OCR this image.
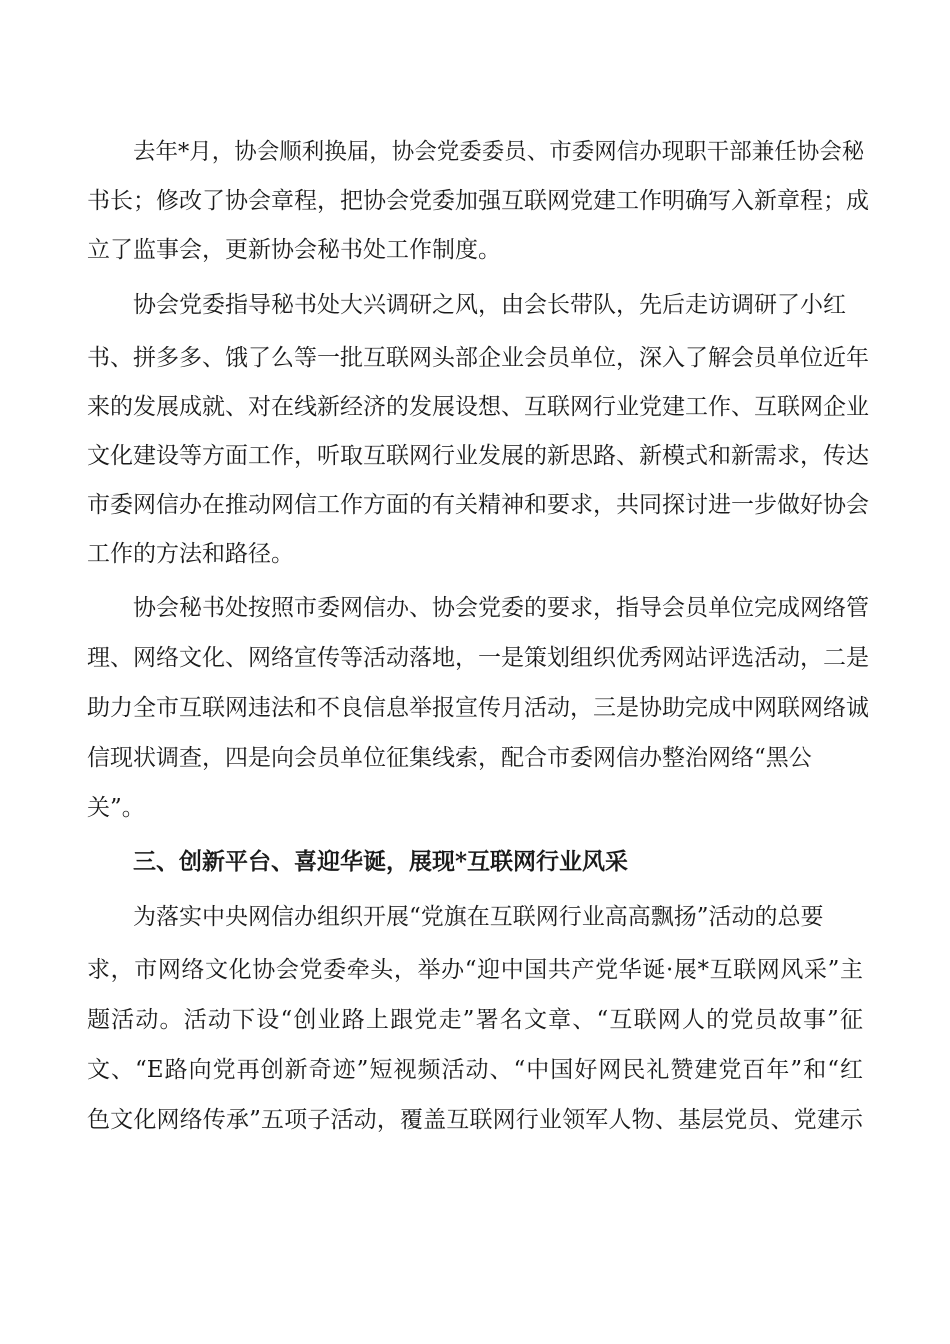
去年*月，协会顺利换届，协会党委委员、市委网信办现职干部兼任协会秘
书长；修改了协会章程，把协会党委加强互联网党建工作明确写入新章程；成
立了监事会，更新协会秘书处工作制度。
协会党委指导秘书处大兴调研之风，由会长带队，先后走访调研了小红
书、拼多多、饿了么等一批互联网头部企业会员单位，深入了解会员单位近年
来的发展成就、对在线新经济的发展设想、互联网行业党建工作、互联网企业
文化建设等方面工作，听取互联网行业发展的新思路、新模式和新需求，传达
市委网信办在推动网信工作方面的有关精神和要求，共同探讨进一步做好协会
工作的方法和路径。
协会秘书处按照市委网信办、协会党委的要求，指导会员单位完成网络管
理、网络文化、网络宣传等活动落地，一是策划组织优秀网站评选活动，二是
助力全市互联网违法和不良信息举报宣传月活动，三是协助完成中网联网络诚
信现状调查，四是向会员单位征集线索，配合市委网信办整治网络“黑公
关”。
三、创新平台、喜迎华诞，展现*互联网行业风采
为落实中央网信办组织开展“党旗在互联网行业高高飘扬”活动的总要
求，市网络文化协会党委牵头，举办“迎中国共产党华诞·展*互联网风采”主
题活动。活动下设“创业路上跟党走”署名文章、“互联网人的党员故事”征
文、“E路向党再创新奇迹”短视频活动、“中国好网民礼赞建党百年”和“红
色文化网络传承”五项子活动，覆盖互联网行业领军人物、基层党员、党建示
